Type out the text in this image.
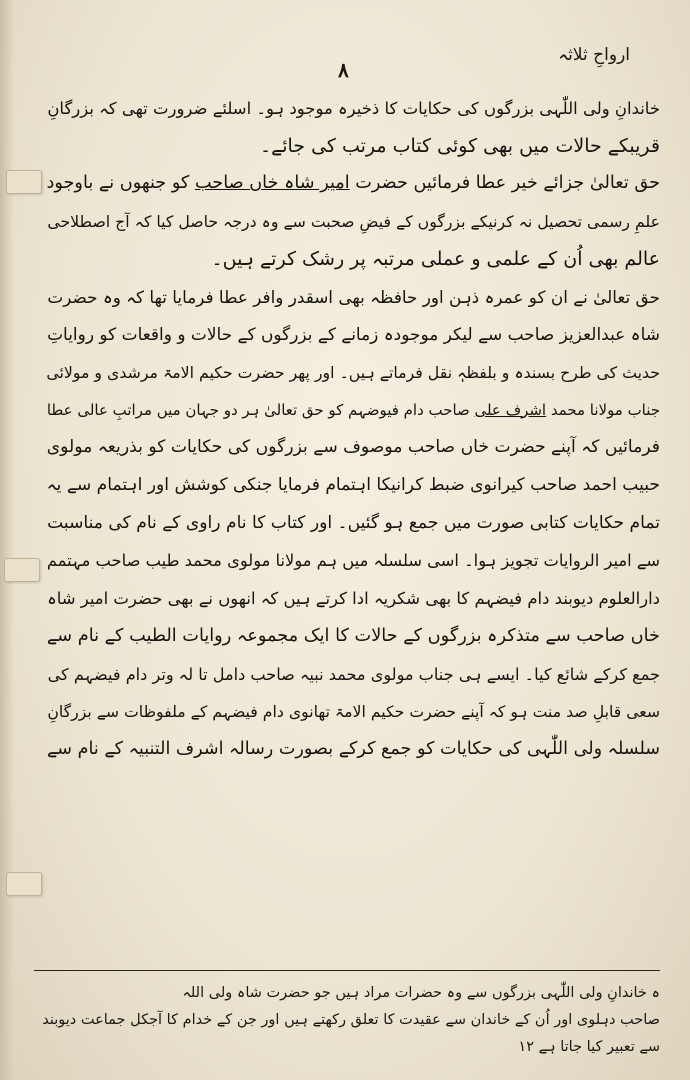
ارواحِ ثلاثہ
۸
خاندانِ ولی اللّٰہی بزرگوں کی حکایات کا ذخیرہ موجود ہو۔ اسلئے ضرورت تھی کہ بزرگانِ
قریبکے حالات میں بھی کوئی کتاب مرتب کی جائے۔
حق تعالیٰ جزائے خیر عطا فرمائیں حضرت امیر شاہ خاں صاحب کو جنھوں نے باوجود
علمِ رسمی تحصیل نہ کرنیکے بزرگوں کے فیضِ صحبت سے وہ درجہ حاصل کیا کہ آج اصطلاحی
عالم بھی اُن کے علمی و عملی مرتبہ پر رشک کرتے ہیں۔
حق تعالیٰ نے ان کو عمرہ ذہن اور حافظہ بھی اسقدر وافر عطا فرمایا تھا کہ وہ حضرت
شاہ عبدالعزیز صاحب سے لیکر موجودہ زمانے کے بزرگوں کے حالات و واقعات کو روایاتِ
حدیث کی طرح بسندہ و بلفظہٖ نقل فرماتے ہیں۔ اور پھر حضرت حکیم الامۃ مرشدی و مولائی
جناب مولانا محمد اشرف علی صاحب دام فیوضہم کو حق تعالیٰ ہر دو جہان میں مراتبِ عالی عطا
فرمائیں کہ آپنے حضرت خاں صاحب موصوف سے بزرگوں کی حکایات کو بذریعہ مولوی
حبیب احمد صاحب کیرانوی ضبط کرانیکا اہتمام فرمایا جنکی کوشش اور اہتمام سے یہ
تمام حکایات کتابی صورت میں جمع ہو گئیں۔ اور کتاب کا نام راوی کے نام کی مناسبت
سے امیر الروایات تجویز ہوا۔ اسی سلسلہ میں ہم مولانا مولوی محمد طیب صاحب مہتمم
دارالعلوم دیوبند دام فیضہم کا بھی شکریہ ادا کرتے ہیں کہ انھوں نے بھی حضرت امیر شاہ
خاں صاحب سے متذکرہ بزرگوں کے حالات کا ایک مجموعہ روایات الطیب کے نام سے
جمع کرکے شائع کیا۔ ایسے ہی جناب مولوی محمد نبیہ صاحب دامل تا لہ وتر دام فیضہم کی
سعی قابلِ صد منت ہو کہ آپنے حضرت حکیم الامۃ تھانوی دام فیضہم کے ملفوظات سے بزرگانِ
سلسلہ ولی اللّٰہی کی حکایات کو جمع کرکے بصورت رسالہ اشرف التنبیہ کے نام سے
ہ خاندانِ ولی اللّٰہی بزرگوں سے وہ حضرات مراد ہیں جو حضرت شاہ ولی اللہ
صاحب دہلوی اور اُن کے خاندان سے عقیدت کا تعلق رکھتے ہیں اور جن کے خدام کا آجکل جماعت دیوبند
سے تعبیر کیا جاتا ہے ۱۲
